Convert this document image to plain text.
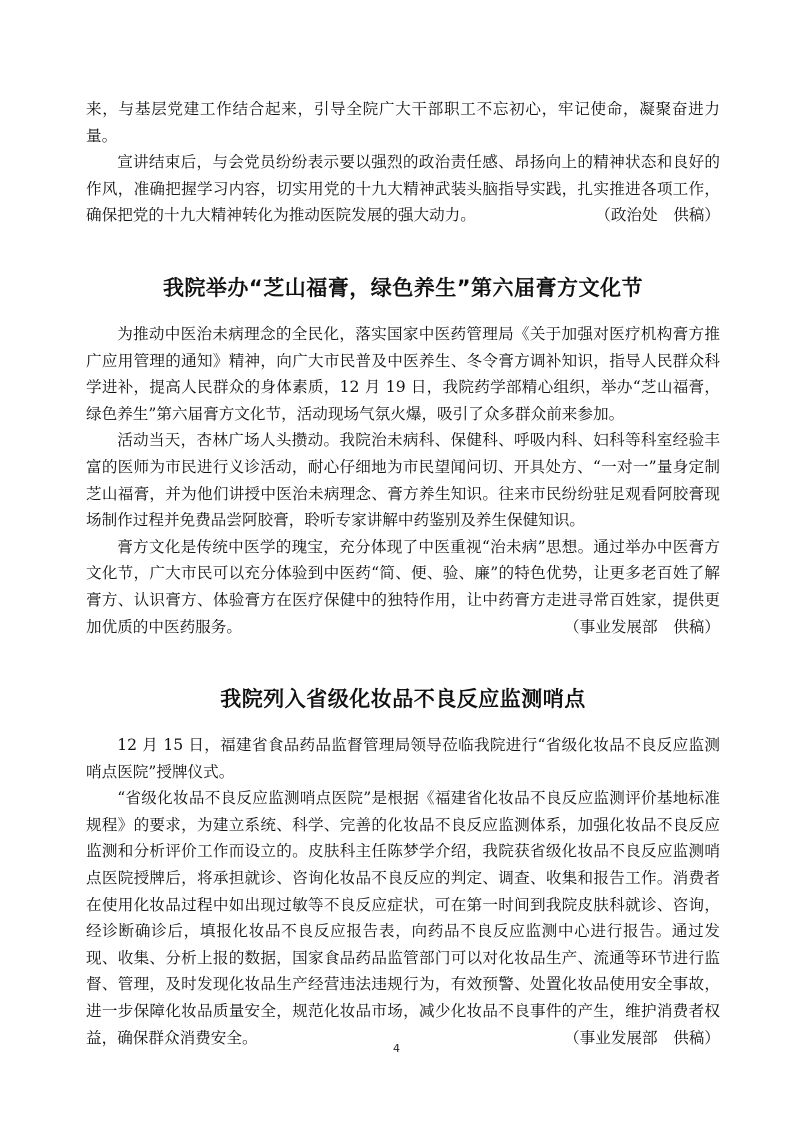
来，与基层党建工作结合起来，引导全院广大干部职工不忘初心，牢记使命，凝聚奋进力量。

宣讲结束后，与会党员纷纷表示要以强烈的政治责任感、昂扬向上的精神状态和良好的作风，准确把握学习内容，切实用党的十九大精神武装头脑指导实践，扎实推进各项工作，确保把党的十九大精神转化为推动医院发展的强大动力。	（政治处　供稿）

我院举办“芝山福膏，绿色养生”第六届膏方文化节

为推动中医治未病理念的全民化，落实国家中医药管理局《关于加强对医疗机构膏方推广应用管理的通知》精神，向广大市民普及中医养生、冬令膏方调补知识，指导人民群众科学进补，提高人民群众的身体素质，12 月 19 日，我院药学部精心组织，举办“芝山福膏，绿色养生”第六届膏方文化节，活动现场气氛火爆，吸引了众多群众前来参加。

活动当天，杏林广场人头攒动。我院治未病科、保健科、呼吸内科、妇科等科室经验丰富的医师为市民进行义诊活动，耐心仔细地为市民望闻问切、开具处方、“一对一”量身定制芝山福膏，并为他们讲授中医治未病理念、膏方养生知识。往来市民纷纷驻足观看阿胶膏现场制作过程并免费品尝阿胶膏，聆听专家讲解中药鉴别及养生保健知识。

膏方文化是传统中医学的瑰宝，充分体现了中医重视“治未病”思想。通过举办中医膏方文化节，广大市民可以充分体验到中医药“简、便、验、廉”的特色优势，让更多老百姓了解膏方、认识膏方、体验膏方在医疗保健中的独特作用，让中药膏方走进寻常百姓家，提供更加优质的中医药服务。	（事业发展部　供稿）

我院列入省级化妆品不良反应监测哨点

12 月 15 日，福建省食品药品监督管理局领导莅临我院进行“省级化妆品不良反应监测哨点医院”授牌仪式。

“省级化妆品不良反应监测哨点医院”是根据《福建省化妆品不良反应监测评价基地标准规程》的要求，为建立系统、科学、完善的化妆品不良反应监测体系，加强化妆品不良反应监测和分析评价工作而设立的。皮肤科主任陈梦学介绍，我院获省级化妆品不良反应监测哨点医院授牌后，将承担就诊、咨询化妆品不良反应的判定、调查、收集和报告工作。消费者在使用化妆品过程中如出现过敏等不良反应症状，可在第一时间到我院皮肤科就诊、咨询，经诊断确诊后，填报化妆品不良反应报告表，向药品不良反应监测中心进行报告。通过发现、收集、分析上报的数据，国家食品药品监管部门可以对化妆品生产、流通等环节进行监督、管理，及时发现化妆品生产经营违法违规行为，有效预警、处置化妆品使用安全事故，进一步保障化妆品质量安全，规范化妆品市场，减少化妆品不良事件的产生，维护消费者权益，确保群众消费安全。	（事业发展部　供稿）

4
